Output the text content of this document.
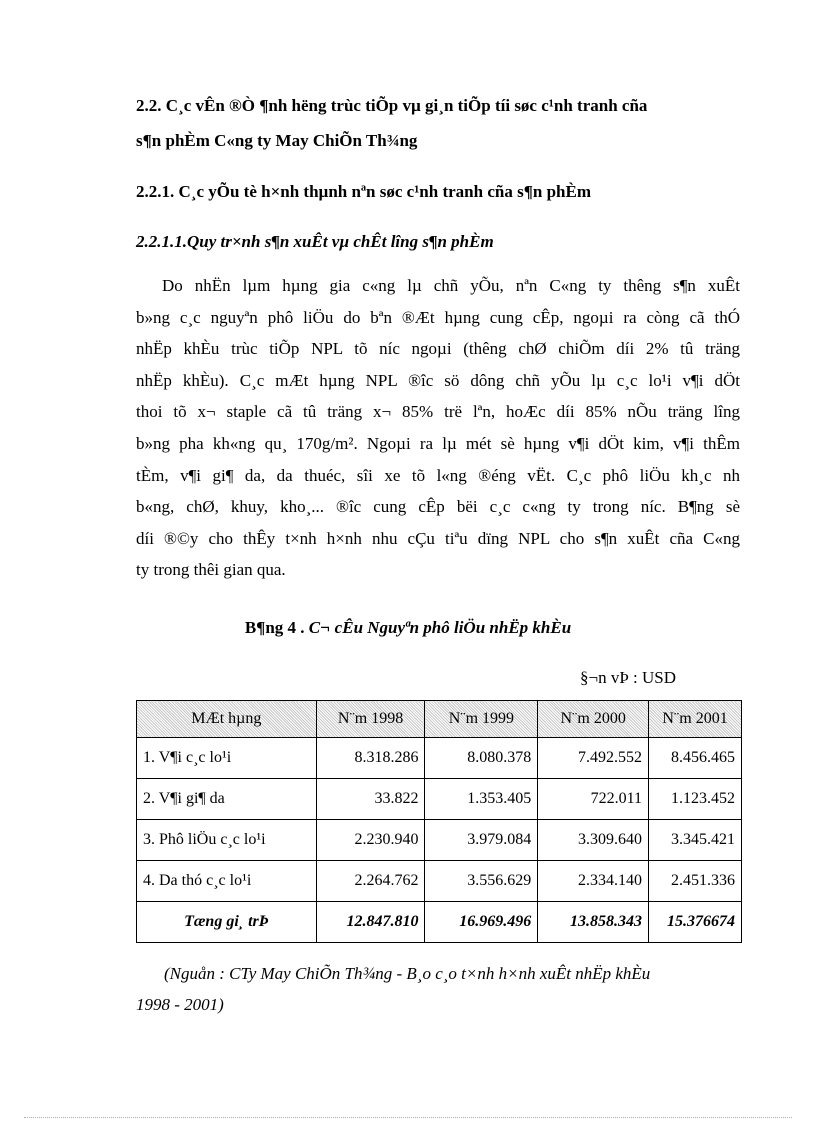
2.2. C¸c vÊn ®Ò ¶nh hëng trùc tiÕp vµ gi¸n tiÕp tíi søc c¹nh tranh cña

s¶n phÈm C«ng ty May ChiÕn Th¾ng

2.2.1. C¸c yÕu tè h×nh thµnh nªn søc c¹nh tranh cña s¶n phÈm

2.2.1.1.Quy tr×nh s¶n xuÊt vµ chÊt lîng s¶n phÈm

Do nhËn lµm hµng gia c«ng lµ chñ yÕu, nªn C«ng ty thêng s¶n xuÊt
b»ng c¸c nguyªn phô liÖu do bªn ®Æt hµng cung cÊp, ngoµi ra còng cã thÓ
nhËp khÈu trùc tiÕp NPL tõ níc ngoµi (thêng chØ chiÕm díi 2% tû träng
nhËp khÈu). C¸c mÆt hµng NPL ®îc sö dông chñ yÕu lµ c¸c lo¹i v¶i dÖt
thoi tõ x¬ staple cã tû träng x¬ 85% trë lªn, hoÆc díi 85% nÕu träng lîng
b»ng pha kh«ng qu¸ 170g/m². Ngoµi ra lµ mét sè hµng v¶i dÖt kim, v¶i thÊm
tÈm, v¶i gi¶ da, da thuéc, sîi xe tõ l«ng ®éng vËt. C¸c phô liÖu kh¸c nh
b«ng, chØ, khuy, kho¸... ®îc cung cÊp bëi c¸c c«ng ty trong níc. B¶ng sè
díi ®©y cho thÊy t×nh h×nh nhu cÇu tiªu dïng NPL cho s¶n xuÊt cña C«ng
ty trong thêi gian qua.
B¶ng 4 . C¬ cÊu Nguyªn phô liÖu nhËp khÈu
§¬n vÞ : USD
MÆt hµng	N¨m 1998	N¨m 1999	N¨m 2000	N¨m 2001
1. V¶i c¸c lo¹i	8.318.286	8.080.378	7.492.552	8.456.465
2. V¶i gi¶ da	33.822	1.353.405	722.011	1.123.452
3. Phô liÖu c¸c lo¹i	2.230.940	3.979.084	3.309.640	3.345.421
4. Da thó c¸c lo¹i	2.264.762	3.556.629	2.334.140	2.451.336
Tæng gi¸ trÞ	12.847.810	16.969.496	13.858.343	15.376674
(Nguån : CTy May ChiÕn Th¾ng - B¸o c¸o t×nh h×nh xuÊt nhËp khÈu
1998 - 2001)
